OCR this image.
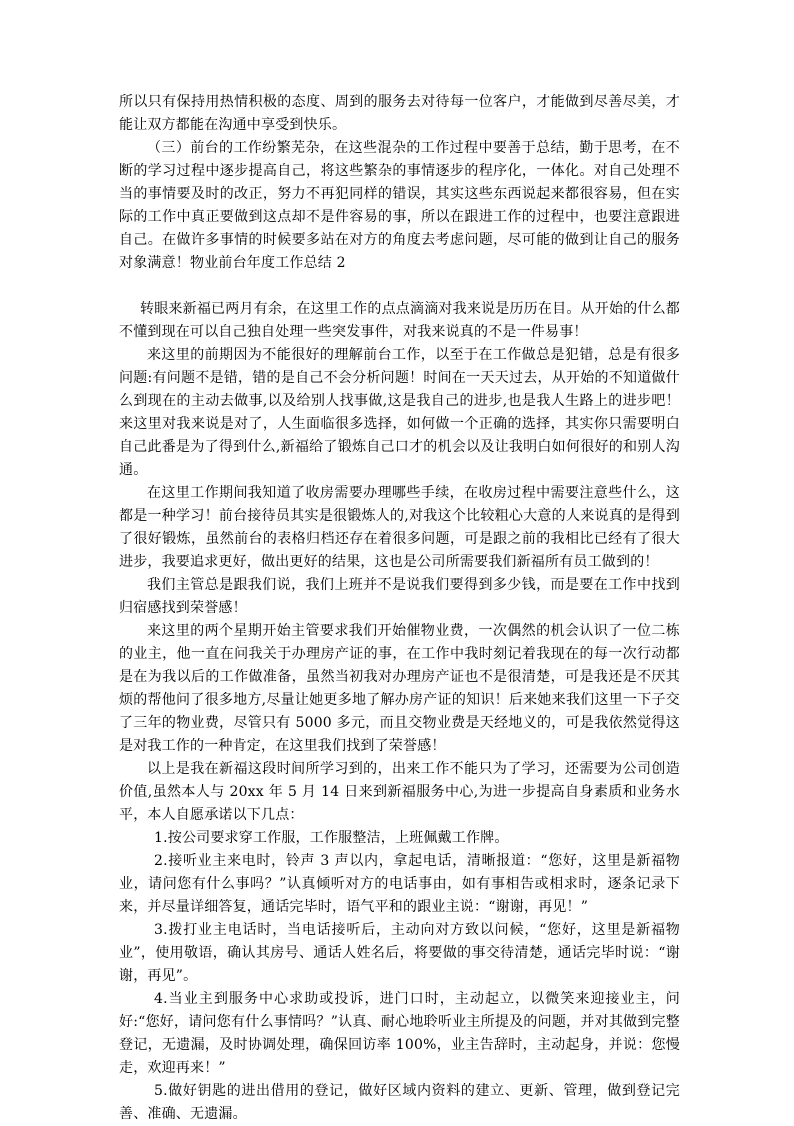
所以只有保持用热情积极的态度、周到的服务去对待每一位客户，才能做到尽善尽美，才能让双方都能在沟通中享受到快乐。

（三）前台的工作纷繁芜杂，在这些混杂的工作过程中要善于总结，勤于思考，在不断的学习过程中逐步提高自己，将这些繁杂的事情逐步的程序化，一体化。对自己处理不当的事情要及时的改正，努力不再犯同样的错误，其实这些东西说起来都很容易，但在实际的工作中真正要做到这点却不是件容易的事，所以在跟进工作的过程中，也要注意跟进自己。在做许多事情的时候要多站在对方的角度去考虑问题，尽可能的做到让自己的服务对象满意！物业前台年度工作总结 2

转眼来新福已两月有余，在这里工作的点点滴滴对我来说是历历在目。从开始的什么都不懂到现在可以自己独自处理一些突发事件，对我来说真的不是一件易事！

来这里的前期因为不能很好的理解前台工作，以至于在工作做总是犯错，总是有很多问题:有问题不是错，错的是自己不会分析问题！时间在一天天过去，从开始的不知道做什么到现在的主动去做事,以及给别人找事做,这是我自己的进步,也是我人生路上的进步吧！来这里对我来说是对了，人生面临很多选择，如何做一个正确的选择，其实你只需要明白自己此番是为了得到什么,新福给了锻炼自己口才的机会以及让我明白如何很好的和别人沟通。

在这里工作期间我知道了收房需要办理哪些手续，在收房过程中需要注意些什么，这都是一种学习！前台接待员其实是很锻炼人的,对我这个比较粗心大意的人来说真的是得到了很好锻炼，虽然前台的表格归档还存在着很多问题，可是跟之前的我相比已经有了很大进步，我要追求更好，做出更好的结果，这也是公司所需要我们新福所有员工做到的！

我们主管总是跟我们说，我们上班并不是说我们要得到多少钱，而是要在工作中找到归宿感找到荣誉感！

来这里的两个星期开始主管要求我们开始催物业费，一次偶然的机会认识了一位二栋的业主，他一直在问我关于办理房产证的事，在工作中我时刻记着我现在的每一次行动都是在为我以后的工作做准备，虽然当初我对办理房产证也不是很清楚，可是我还是不厌其烦的帮他问了很多地方,尽量让她更多地了解办房产证的知识！后来她来我们这里一下子交了三年的物业费，尽管只有 5000 多元，而且交物业费是天经地义的，可是我依然觉得这是对我工作的一种肯定，在这里我们找到了荣誉感！

以上是我在新福这段时间所学习到的，出来工作不能只为了学习，还需要为公司创造价值,虽然本人与 20xx 年 5 月 14 日来到新福服务中心,为进一步提高自身素质和业务水平，本人自愿承诺以下几点：

1.按公司要求穿工作服，工作服整洁，上班佩戴工作牌。

2.接听业主来电时，铃声 3 声以内，拿起电话，清晰报道：“您好，这里是新福物业，请问您有什么事吗？”认真倾听对方的电话事由，如有事相告或相求时，逐条记录下来，并尽量详细答复，通话完毕时，语气平和的跟业主说：“谢谢，再见！”

3.拨打业主电话时，当电话接听后，主动向对方致以问候，“您好，这里是新福物业”，使用敬语，确认其房号、通话人姓名后，将要做的事交待清楚，通话完毕时说：“谢谢，再见”。

4.当业主到服务中心求助或投诉，进门口时，主动起立，以微笑来迎接业主，问好:“您好，请问您有什么事情吗？”认真、耐心地聆听业主所提及的问题，并对其做到完整登记，无遗漏，及时协调处理，确保回访率 100%，业主告辞时，主动起身，并说：您慢走，欢迎再来！”

5.做好钥匙的进出借用的登记，做好区域内资料的建立、更新、管理，做到登记完善、准确、无遗漏。
